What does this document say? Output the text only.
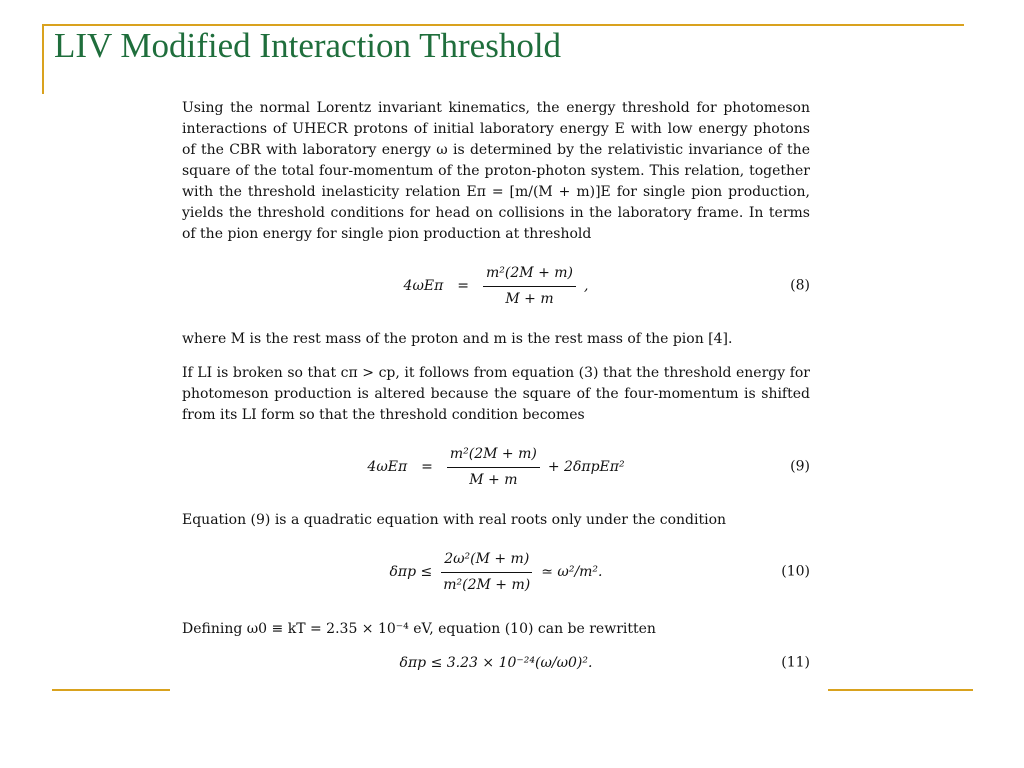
LIV Modified Interaction Threshold

Using the normal Lorentz invariant kinematics, the energy threshold for photomeson interactions of UHECR protons of initial laboratory energy E with low energy photons of the CBR with laboratory energy ω is determined by the relativistic invariance of the square of the total four-momentum of the proton-photon system. This relation, together with the threshold inelasticity relation Eπ = [m/(M + m)]E for single pion production, yields the threshold conditions for head on collisions in the laboratory frame. In terms of the pion energy for single pion production at threshold

4ωEπ	=	$\frac{\text{m²(2M + m)}}{M + m}$ ,	(8)

where M is the rest mass of the proton and m is the rest mass of the pion [4].

If LI is broken so that cπ > cp, it follows from equation (3) that the threshold energy for photomeson production is altered because the square of the four-momentum is shifted from its LI form so that the threshold condition becomes

4ωEπ	=	$\frac{\text{m²(2M + m)}}{M + m} + 2\delta\pi pE\pi^2$	(9)

Equation (9) is a quadratic equation with real roots only under the condition

$\delta\pi p \le \frac{\text{2ω²(M + m)}}{\text{m²(2M + m)}}$ ≃ ω²/m².	(10)

Defining ω0 ≡ kT = 2.35 × 10⁻⁴ eV, equation (10) can be rewritten

δπp ≤ 3.23 × 10⁻²⁴(ω/ω0)².	(11)
